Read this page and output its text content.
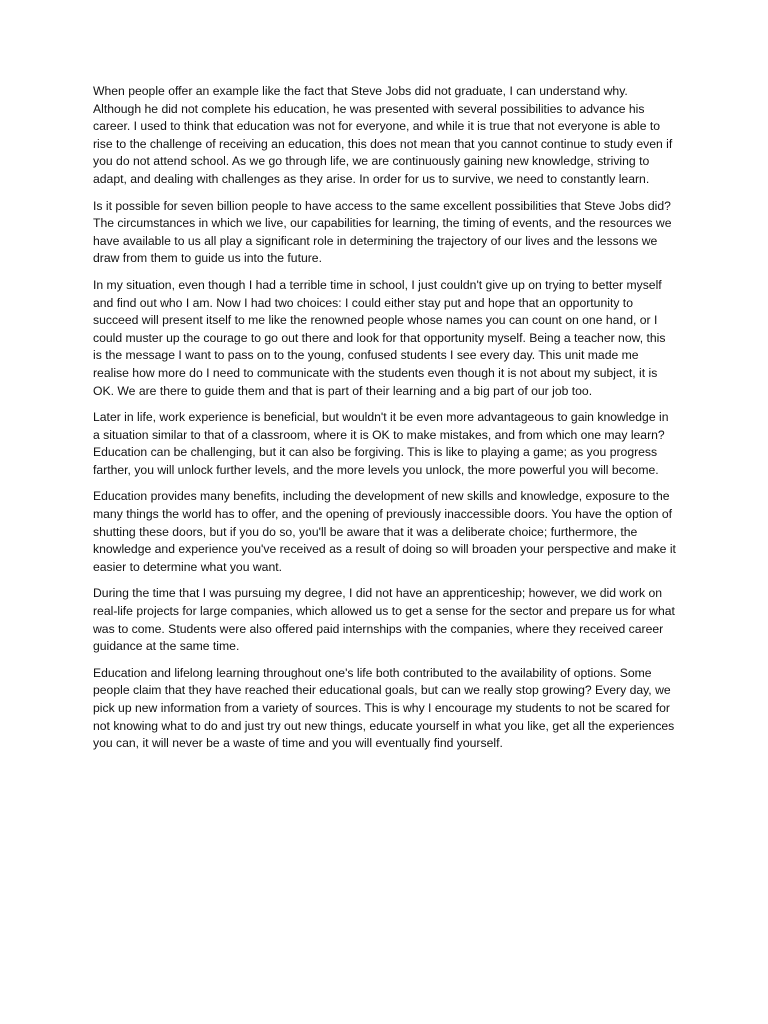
When people offer an example like the fact that Steve Jobs did not graduate, I can understand why. Although he did not complete his education, he was presented with several possibilities to advance his career. I used to think that education was not for everyone, and while it is true that not everyone is able to rise to the challenge of receiving an education, this does not mean that you cannot continue to study even if you do not attend school. As we go through life, we are continuously gaining new knowledge, striving to adapt, and dealing with challenges as they arise. In order for us to survive, we need to constantly learn.

Is it possible for seven billion people to have access to the same excellent possibilities that Steve Jobs did? The circumstances in which we live, our capabilities for learning, the timing of events, and the resources we have available to us all play a significant role in determining the trajectory of our lives and the lessons we draw from them to guide us into the future.

In my situation, even though I had a terrible time in school, I just couldn't give up on trying to better myself and find out who I am. Now I had two choices: I could either stay put and hope that an opportunity to succeed will present itself to me like the renowned people whose names you can count on one hand, or I could muster up the courage to go out there and look for that opportunity myself. Being a teacher now, this is the message I want to pass on to the young, confused students I see every day. This unit made me realise how more do I need to communicate with the students even though it is not about my subject, it is OK. We are there to guide them and that is part of their learning and a big part of our job too.

Later in life, work experience is beneficial, but wouldn't it be even more advantageous to gain knowledge in a situation similar to that of a classroom, where it is OK to make mistakes, and from which one may learn? Education can be challenging, but it can also be forgiving. This is like to playing a game; as you progress farther, you will unlock further levels, and the more levels you unlock, the more powerful you will become.

Education provides many benefits, including the development of new skills and knowledge, exposure to the many things the world has to offer, and the opening of previously inaccessible doors. You have the option of shutting these doors, but if you do so, you'll be aware that it was a deliberate choice; furthermore, the knowledge and experience you've received as a result of doing so will broaden your perspective and make it easier to determine what you want.

During the time that I was pursuing my degree, I did not have an apprenticeship; however, we did work on real-life projects for large companies, which allowed us to get a sense for the sector and prepare us for what was to come. Students were also offered paid internships with the companies, where they received career guidance at the same time.

Education and lifelong learning throughout one's life both contributed to the availability of options. Some people claim that they have reached their educational goals, but can we really stop growing? Every day, we pick up new information from a variety of sources. This is why I encourage my students to not be scared for not knowing what to do and just try out new things, educate yourself in what you like, get all the experiences you can, it will never be a waste of time and you will eventually find yourself.
